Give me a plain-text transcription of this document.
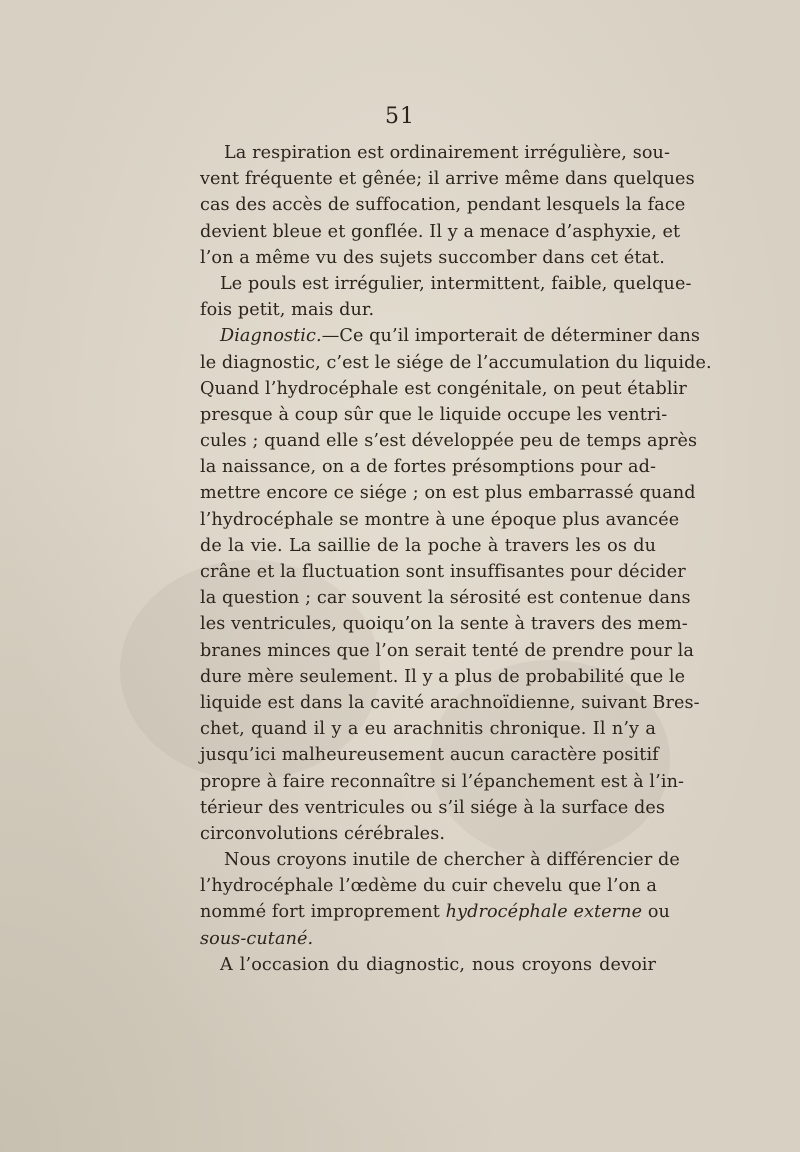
51
La respiration est ordinairement irrégulière, sou-
vent fréquente et gênée; il arrive même dans quelques
cas des accès de suffocation, pendant lesquels la face
devient bleue et gonflée. Il y a menace d’asphyxie, et
l’on a même vu des sujets succomber dans cet état.
Le pouls est irrégulier, intermittent, faible, quelque-
fois petit, mais dur.
Diagnostic.—Ce qu’il importerait de déterminer dans
le diagnostic, c’est le siége de l’accumulation du liquide.
Quand l’hydrocéphale est congénitale, on peut établir
presque à coup sûr que le liquide occupe les ventri-
cules ; quand elle s’est développée peu de temps après
la naissance, on a de fortes présomptions pour ad-
mettre encore ce siége ; on est plus embarrassé quand
l’hydrocéphale se montre à une époque plus avancée
de la vie. La saillie de la poche à travers les os du
crâne et la fluctuation sont insuffisantes pour décider
la question ; car souvent la sérosité est contenue dans
les ventricules, quoiqu’on la sente à travers des mem-
branes minces que l’on serait tenté de prendre pour la
dure mère seulement. Il y a plus de probabilité que le
liquide est dans la cavité arachnoïdienne, suivant Bres-
chet, quand il y a eu arachnitis chronique. Il n’y a
jusqu’ici malheureusement aucun caractère positif
propre à faire reconnaître si l’épanchement est à l’in-
térieur des ventricules ou s’il siége à la surface des
circonvolutions cérébrales.
Nous croyons inutile de chercher à différencier de
l’hydrocéphale l’œdème du cuir chevelu que l’on a
nommé fort improprement hydrocéphale externe ou
sous-cutané.
A l’occasion du diagnostic, nous croyons devoir
